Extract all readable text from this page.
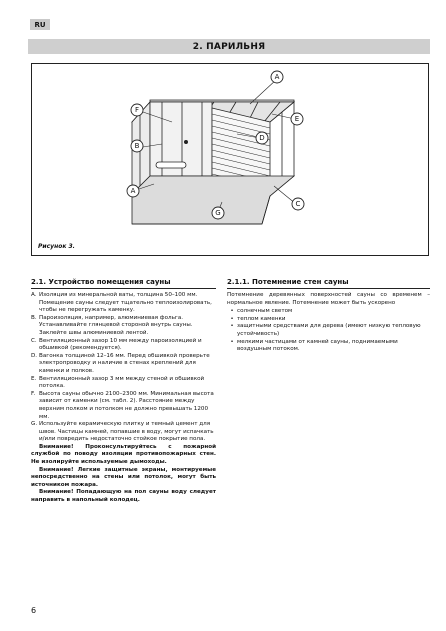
RU
2. ПАРИЛЬНЯ
A
F
E
B
D
A
C
G
Рисунок 3.
2.1. Устройство помещения сауны
A. Изоляция из минеральной ваты, толщина 50–100 мм. Помещение сауны следует тщательно теплоизолировать, чтобы не перегружать каменку.
B. Пароизоляция, например, алюминиевая фольга. Устанавливайте глянцевой стороной внутрь сауны. Заклейте швы алюминиевой лентой.
C. Вентиляционный зазор 10 мм между пароизоляцией и обшивкой (рекомендуется).
D. Вагонка толщиной 12–16 мм. Перед обшивкой проверьте электропроводку и наличие в стенах креплений для каменки и полков.
E. Вентиляционный зазор 3 мм между стеной и обшивкой потолка.
F. Высота сауны обычно 2100–2300 мм. Минимальная высота зависит от каменки (см. табл. 2). Расстояние между верхним полком и потолком не должно превышать 1200 мм.
G. Используйте керамическую плитку и темный цемент для швов. Частицы камней, попавшие в воду, могут испачкать и/или повредить недостаточно стойкое покрытие пола.

Внимание! Проконсультируйтесь с пожарной службой по поводу изоляции противопожарных стен. Не изолируйте используемые дымоходы.

Внимание! Легкие защитные экраны, монтируемые непосредственно на стены или потолок, могут быть источником пожара.

Внимание! Попадающую на пол сауны воду следует направить в напольный колодец.

2.1.1. Потемнение стен сауны

Потемнение деревянных поверхностей сауны со временем – нормальное явление. Потемнение может быть ускорено

• солнечным светом
• теплом каменки
• защитными средствами для дерева (имеют низкую тепловую устойчивость)
• мелкими частицами от камней сауны, поднимаемыми воздушным потоком.
6
